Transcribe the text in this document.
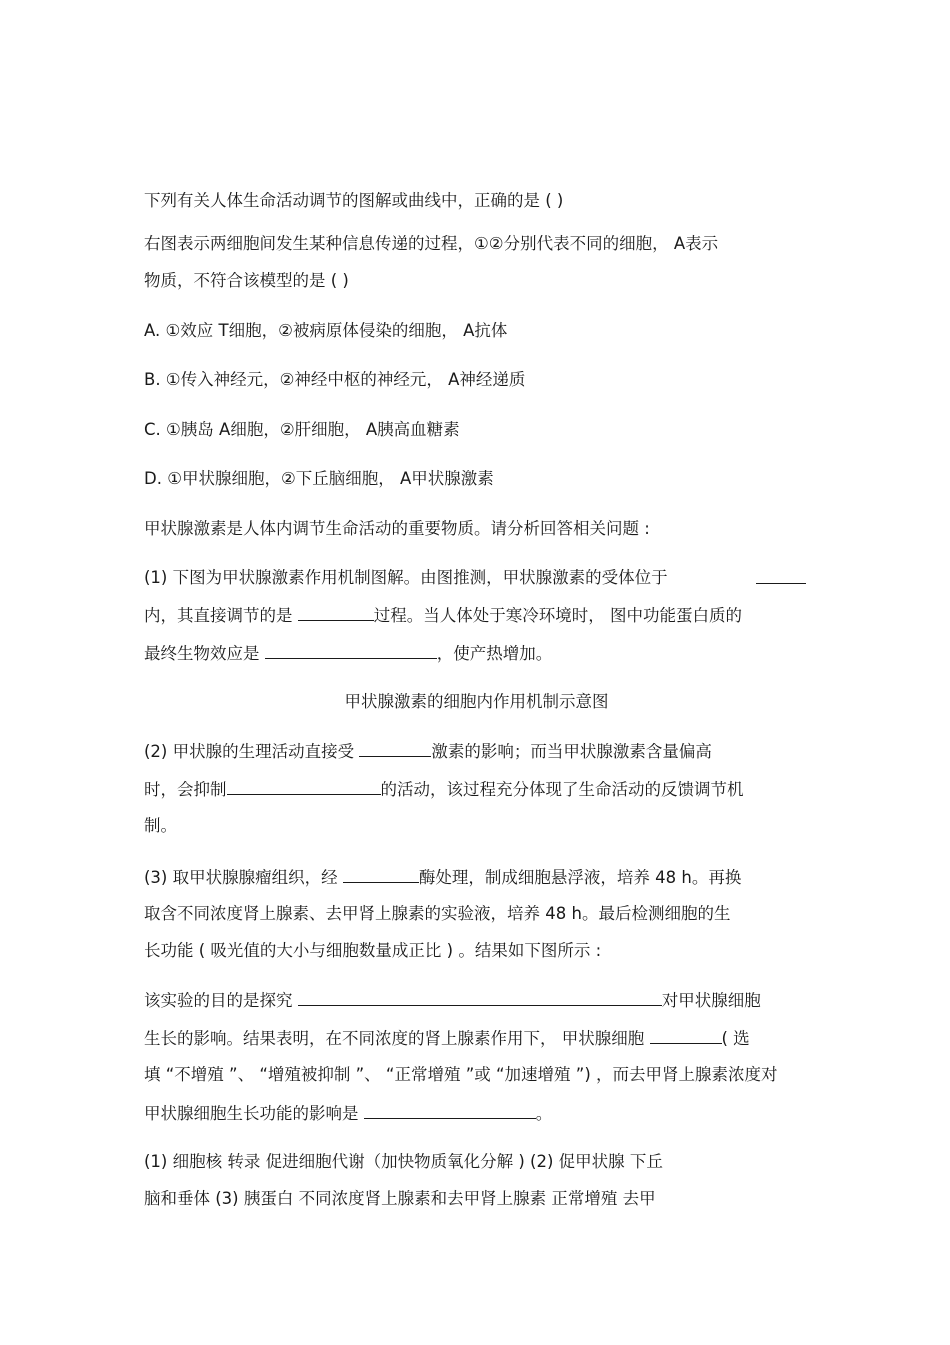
下列有关人体生命活动调节的图解或曲线中，正确的是 ( )
右图表示两细胞间发生某种信息传递的过程，①②分别代表不同的细胞， A表示
物质，不符合该模型的是 ( )
A. ①效应 T细胞，②被病原体侵染的细胞， A抗体
B. ①传入神经元，②神经中枢的神经元， A神经递质
C. ①胰岛 A细胞，②肝细胞， A胰高血糖素
D. ①甲状腺细胞，②下丘脑细胞， A甲状腺激素
甲状腺激素是人体内调节生命活动的重要物质。请分析回答相关问题 :
(1) 下图为甲状腺激素作用机制图解。由图推测，甲状腺激素的受体位于
内，其直接调节的是	过程。当人体处于寒冷环境时， 图中功能蛋白质的
最终生物效应是	，使产热增加。
甲状腺激素的细胞内作用机制示意图
(2) 甲状腺的生理活动直接受	激素的影响；而当甲状腺激素含量偏高
时，会抑制	的活动，该过程充分体现了生命活动的反馈调节机
制。
(3) 取甲状腺腺瘤组织，经	酶处理，制成细胞悬浮液，培养 48 h。再换
取含不同浓度肾上腺素、去甲肾上腺素的实验液，培养 48 h。最后检测细胞的生
长功能 ( 吸光值的大小与细胞数量成正比 ) 。结果如下图所示 :
该实验的目的是探究	对甲状腺细胞
生长的影响。结果表明，在不同浓度的肾上腺素作用下， 甲状腺细胞	( 选
填 “不增殖 ”、 “增殖被抑制 ”、 “正常增殖 ”或 “加速增殖 ”) ，而去甲肾上腺素浓度对
甲状腺细胞生长功能的影响是	。
(1) 细胞核 转录 促进细胞代谢（加快物质氧化分解 ) (2) 促甲状腺 下丘
脑和垂体 (3) 胰蛋白 不同浓度肾上腺素和去甲肾上腺素 正常增殖 去甲
